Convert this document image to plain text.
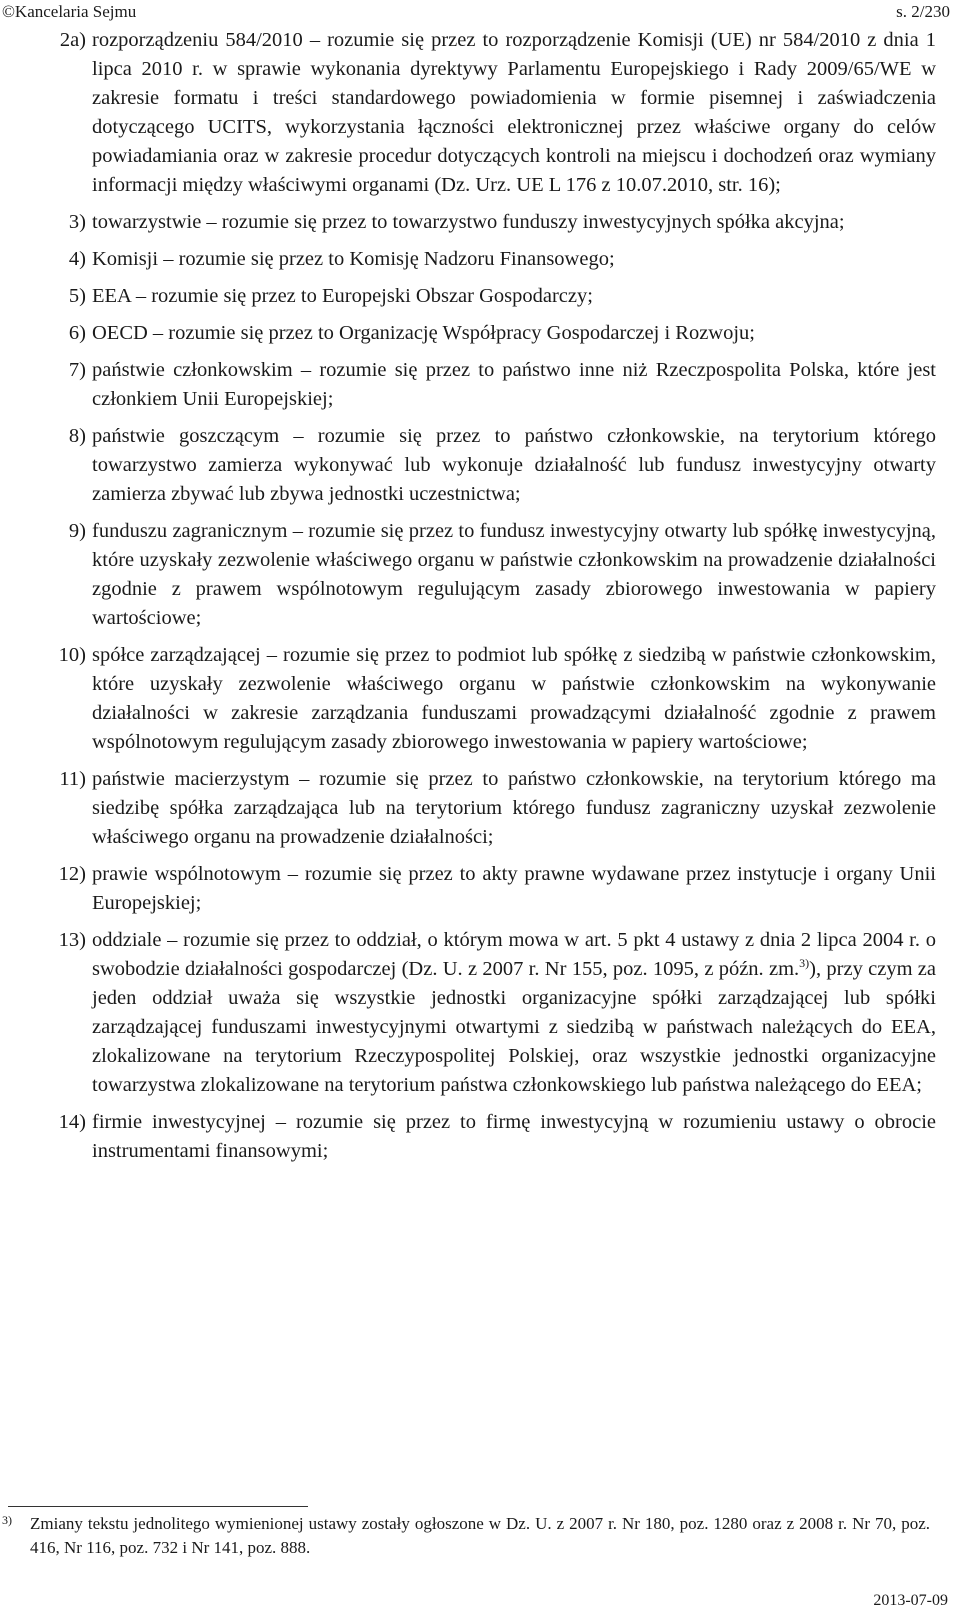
©Kancelaria Sejmu	s. 2/230
2a) rozporządzeniu 584/2010 – rozumie się przez to rozporządzenie Komisji (UE) nr 584/2010 z dnia 1 lipca 2010 r. w sprawie wykonania dyrektywy Parlamentu Europejskiego i Rady 2009/65/WE w zakresie formatu i treści standardowego powiadomienia w formie pisemnej i zaświadczenia dotyczącego UCITS, wykorzystania łączności elektronicznej przez właściwe organy do celów powiadamiania oraz w zakresie procedur dotyczących kontroli na miejscu i dochodzeń oraz wymiany informacji między właściwymi organami (Dz. Urz. UE L 176 z 10.07.2010, str. 16);
3) towarzystwie – rozumie się przez to towarzystwo funduszy inwestycyjnych spółka akcyjna;
4) Komisji – rozumie się przez to Komisję Nadzoru Finansowego;
5) EEA – rozumie się przez to Europejski Obszar Gospodarczy;
6) OECD – rozumie się przez to Organizację Współpracy Gospodarczej i Rozwoju;
7) państwie członkowskim – rozumie się przez to państwo inne niż Rzeczpospolita Polska, które jest członkiem Unii Europejskiej;
8) państwie goszczącym – rozumie się przez to państwo członkowskie, na terytorium którego towarzystwo zamierza wykonywać lub wykonuje działalność lub fundusz inwestycyjny otwarty zamierza zbywać lub zbywa jednostki uczestnictwa;
9) funduszu zagranicznym – rozumie się przez to fundusz inwestycyjny otwarty lub spółkę inwestycyjną, które uzyskały zezwolenie właściwego organu w państwie członkowskim na prowadzenie działalności zgodnie z prawem wspólnotowym regulującym zasady zbiorowego inwestowania w papiery wartościowe;
10) spółce zarządzającej – rozumie się przez to podmiot lub spółkę z siedzibą w państwie członkowskim, które uzyskały zezwolenie właściwego organu w państwie członkowskim na wykonywanie działalności w zakresie zarządzania funduszami prowadzącymi działalność zgodnie z prawem wspólnotowym regulującym zasady zbiorowego inwestowania w papiery wartościowe;
11) państwie macierzystym – rozumie się przez to państwo członkowskie, na terytorium którego ma siedzibę spółka zarządzająca lub na terytorium którego fundusz zagraniczny uzyskał zezwolenie właściwego organu na prowadzenie działalności;
12) prawie wspólnotowym – rozumie się przez to akty prawne wydawane przez instytucje i organy Unii Europejskiej;
13) oddziale – rozumie się przez to oddział, o którym mowa w art. 5 pkt 4 ustawy z dnia 2 lipca 2004 r. o swobodzie działalności gospodarczej (Dz. U. z 2007 r. Nr 155, poz. 1095, z późn. zm.$^{3)}$), przy czym za jeden oddział uważa się wszystkie jednostki organizacyjne spółki zarządzającej lub spółki zarządzającej funduszami inwestycyjnymi otwartymi z siedzibą w państwach należących do EEA, zlokalizowane na terytorium Rzeczypospolitej Polskiej, oraz wszystkie jednostki organizacyjne towarzystwa zlokalizowane na terytorium państwa członkowskiego lub państwa należącego do EEA;
14) firmie inwestycyjnej – rozumie się przez to firmę inwestycyjną w rozumieniu ustawy o obrocie instrumentami finansowymi;
3) Zmiany tekstu jednolitego wymienionej ustawy zostały ogłoszone w Dz. U. z 2007 r. Nr 180, poz. 1280 oraz z 2008 r. Nr 70, poz. 416, Nr 116, poz. 732 i Nr 141, poz. 888.
2013-07-09
